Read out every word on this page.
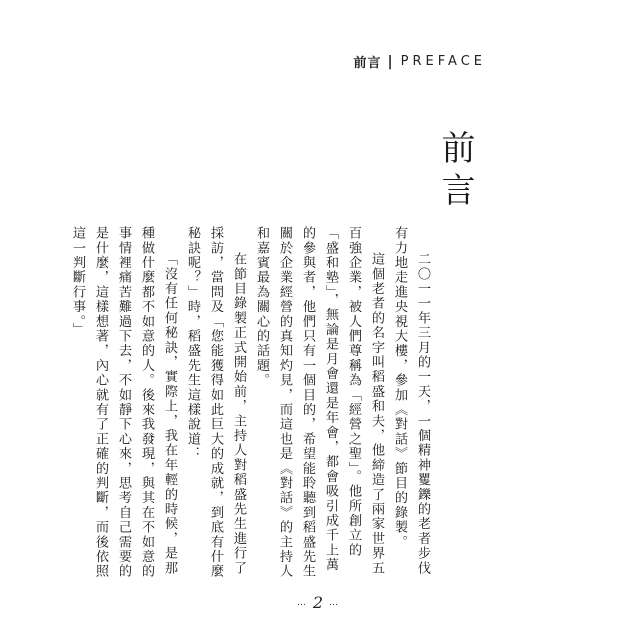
前言 | PREFACE
前言

二〇一一年三月的一天，一個精神矍鑠的老者步伐有力地走進央視大樓，參加《對話》節目的錄製。

這個老者的名字叫稻盛和夫，他締造了兩家世界五百強企業，被人們尊稱為「經營之聖」。他所創立的「盛和塾」，無論是月會還是年會，都會吸引成千上萬的參與者，他們只有一個目的，希望能聆聽到稻盛先生關於企業經營的真知灼見，而這也是《對話》的主持人和嘉賓最為關心的話題。

在節目錄製正式開始前，主持人對稻盛先生進行了採訪，當問及「您能獲得如此巨大的成就，到底有什麼秘訣呢？」時，稻盛先生這樣說道：

「沒有任何秘訣，實際上，我在年輕的時候，是那種做什麼都不如意的人。後來我發現，與其在不如意的事情裡痛苦難過下去，不如靜下心來，思考自己需要的是什麼，這樣想著，內心就有了正確的判斷，而後依照這一判斷行事。」

… 2 …
